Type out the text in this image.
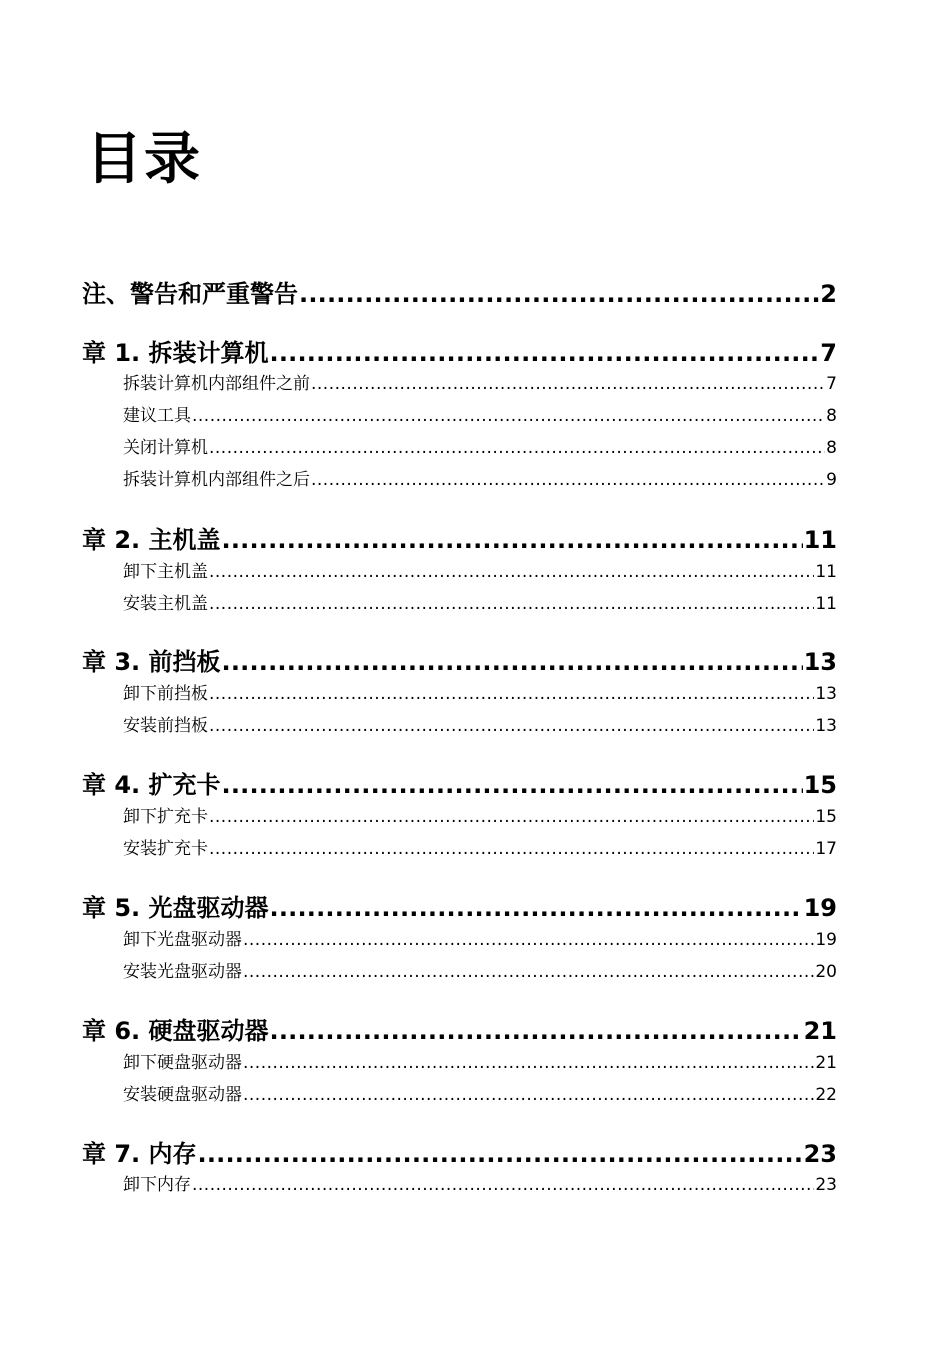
目录
注、警告和严重警告 .....	2
章 1. 拆装计算机 .....	7
拆装计算机内部组件之前 .....	7
建议工具 .....	8
关闭计算机 .....	8
拆装计算机内部组件之后 .....	9
章 2. 主机盖 .....	11
卸下主机盖 .....	11
安装主机盖 .....	11
章 3. 前挡板 .....	13
卸下前挡板 .....	13
安装前挡板 .....	13
章 4. 扩充卡 .....	15
卸下扩充卡 .....	15
安装扩充卡 .....	17
章 5. 光盘驱动器 .....	19
卸下光盘驱动器 .....	19
安装光盘驱动器 .....	20
章 6. 硬盘驱动器 .....	21
卸下硬盘驱动器 .....	21
安装硬盘驱动器 .....	22
章 7. 内存 .....	23
卸下内存 .....	23
